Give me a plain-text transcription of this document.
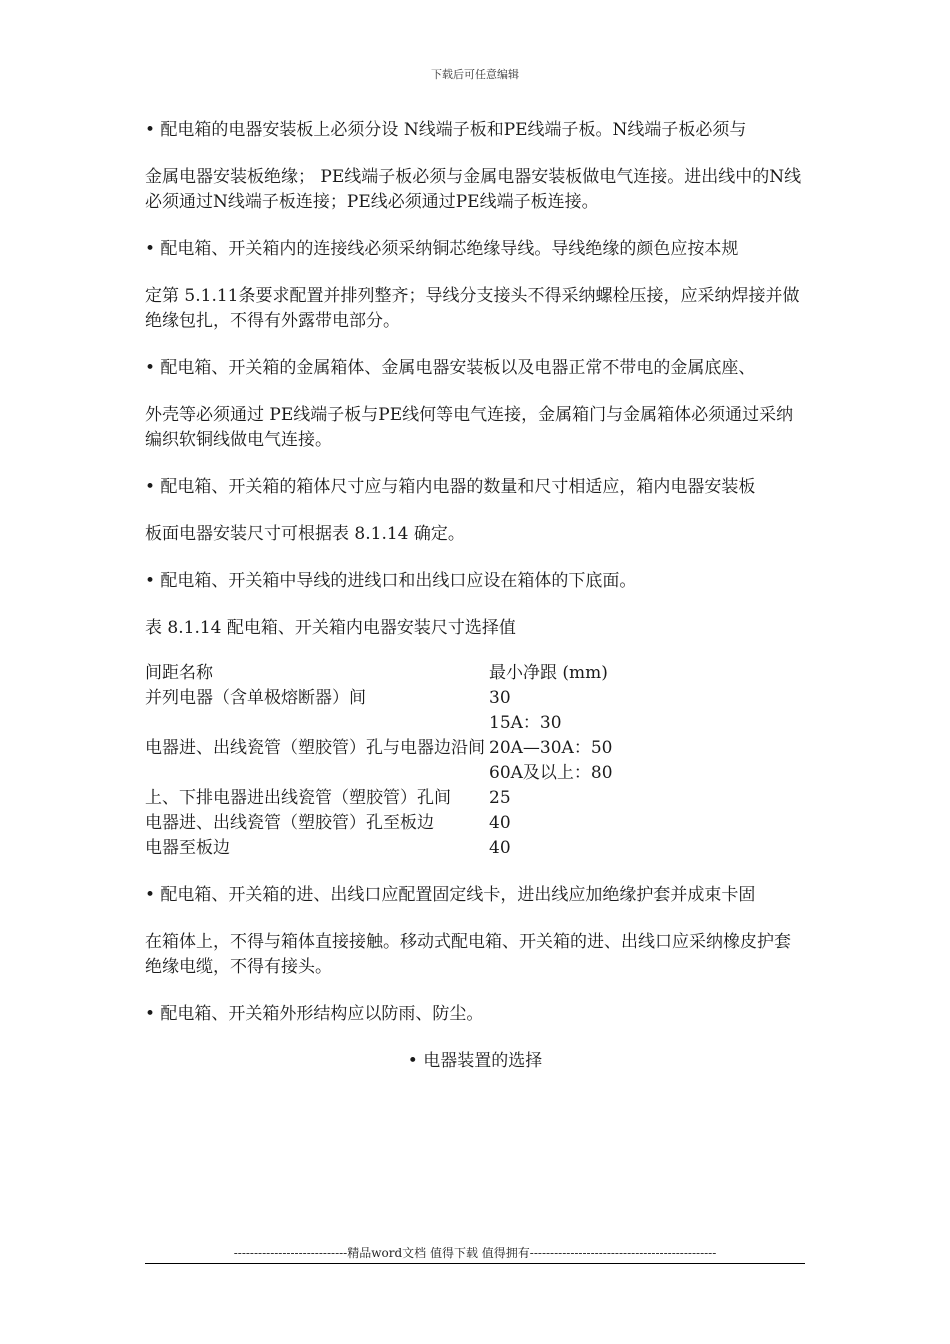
下载后可任意编辑

• 配电箱的电器安装板上必须分设 N线端子板和PE线端子板。N线端子板必须与

金属电器安装板绝缘； PE线端子板必须与金属电器安装板做电气连接。进出线中的N线必须通过N线端子板连接；PE线必须通过PE线端子板连接。

• 配电箱、开关箱内的连接线必须采纳铜芯绝缘导线。导线绝缘的颜色应按本规

定第 5.1.11条要求配置并排列整齐；导线分支接头不得采纳螺栓压接，应采纳焊接并做绝缘包扎，不得有外露带电部分。

• 配电箱、开关箱的金属箱体、金属电器安装板以及电器正常不带电的金属底座、

外壳等必须通过 PE线端子板与PE线何等电气连接，金属箱门与金属箱体必须通过采纳编织软铜线做电气连接。

• 配电箱、开关箱的箱体尺寸应与箱内电器的数量和尺寸相适应，箱内电器安装板

板面电器安装尺寸可根据表 8.1.14 确定。

• 配电箱、开关箱中导线的进线口和出线口应设在箱体的下底面。

表 8.1.14 配电箱、开关箱内电器安装尺寸选择值

间距名称	最小净跟 (mm)
并列电器（含单极熔断器）间	30
电器进、出线瓷管（塑胶管）孔与电器边沿间	15A：30
20A—30A：50
60A及以上：80

上、下排电器进出线瓷管（塑胶管）孔间	25
电器进、出线瓷管（塑胶管）孔至板边	40
电器至板边	40

• 配电箱、开关箱的进、出线口应配置固定线卡，进出线应加绝缘护套并成束卡固

在箱体上，不得与箱体直接接触。移动式配电箱、开关箱的进、出线口应采纳橡皮护套绝缘电缆，不得有接头。

• 配电箱、开关箱外形结构应以防雨、防尘。

• 电器装置的选择

----------------------------精品word文档 值得下载 值得拥有----------------------------------------------
